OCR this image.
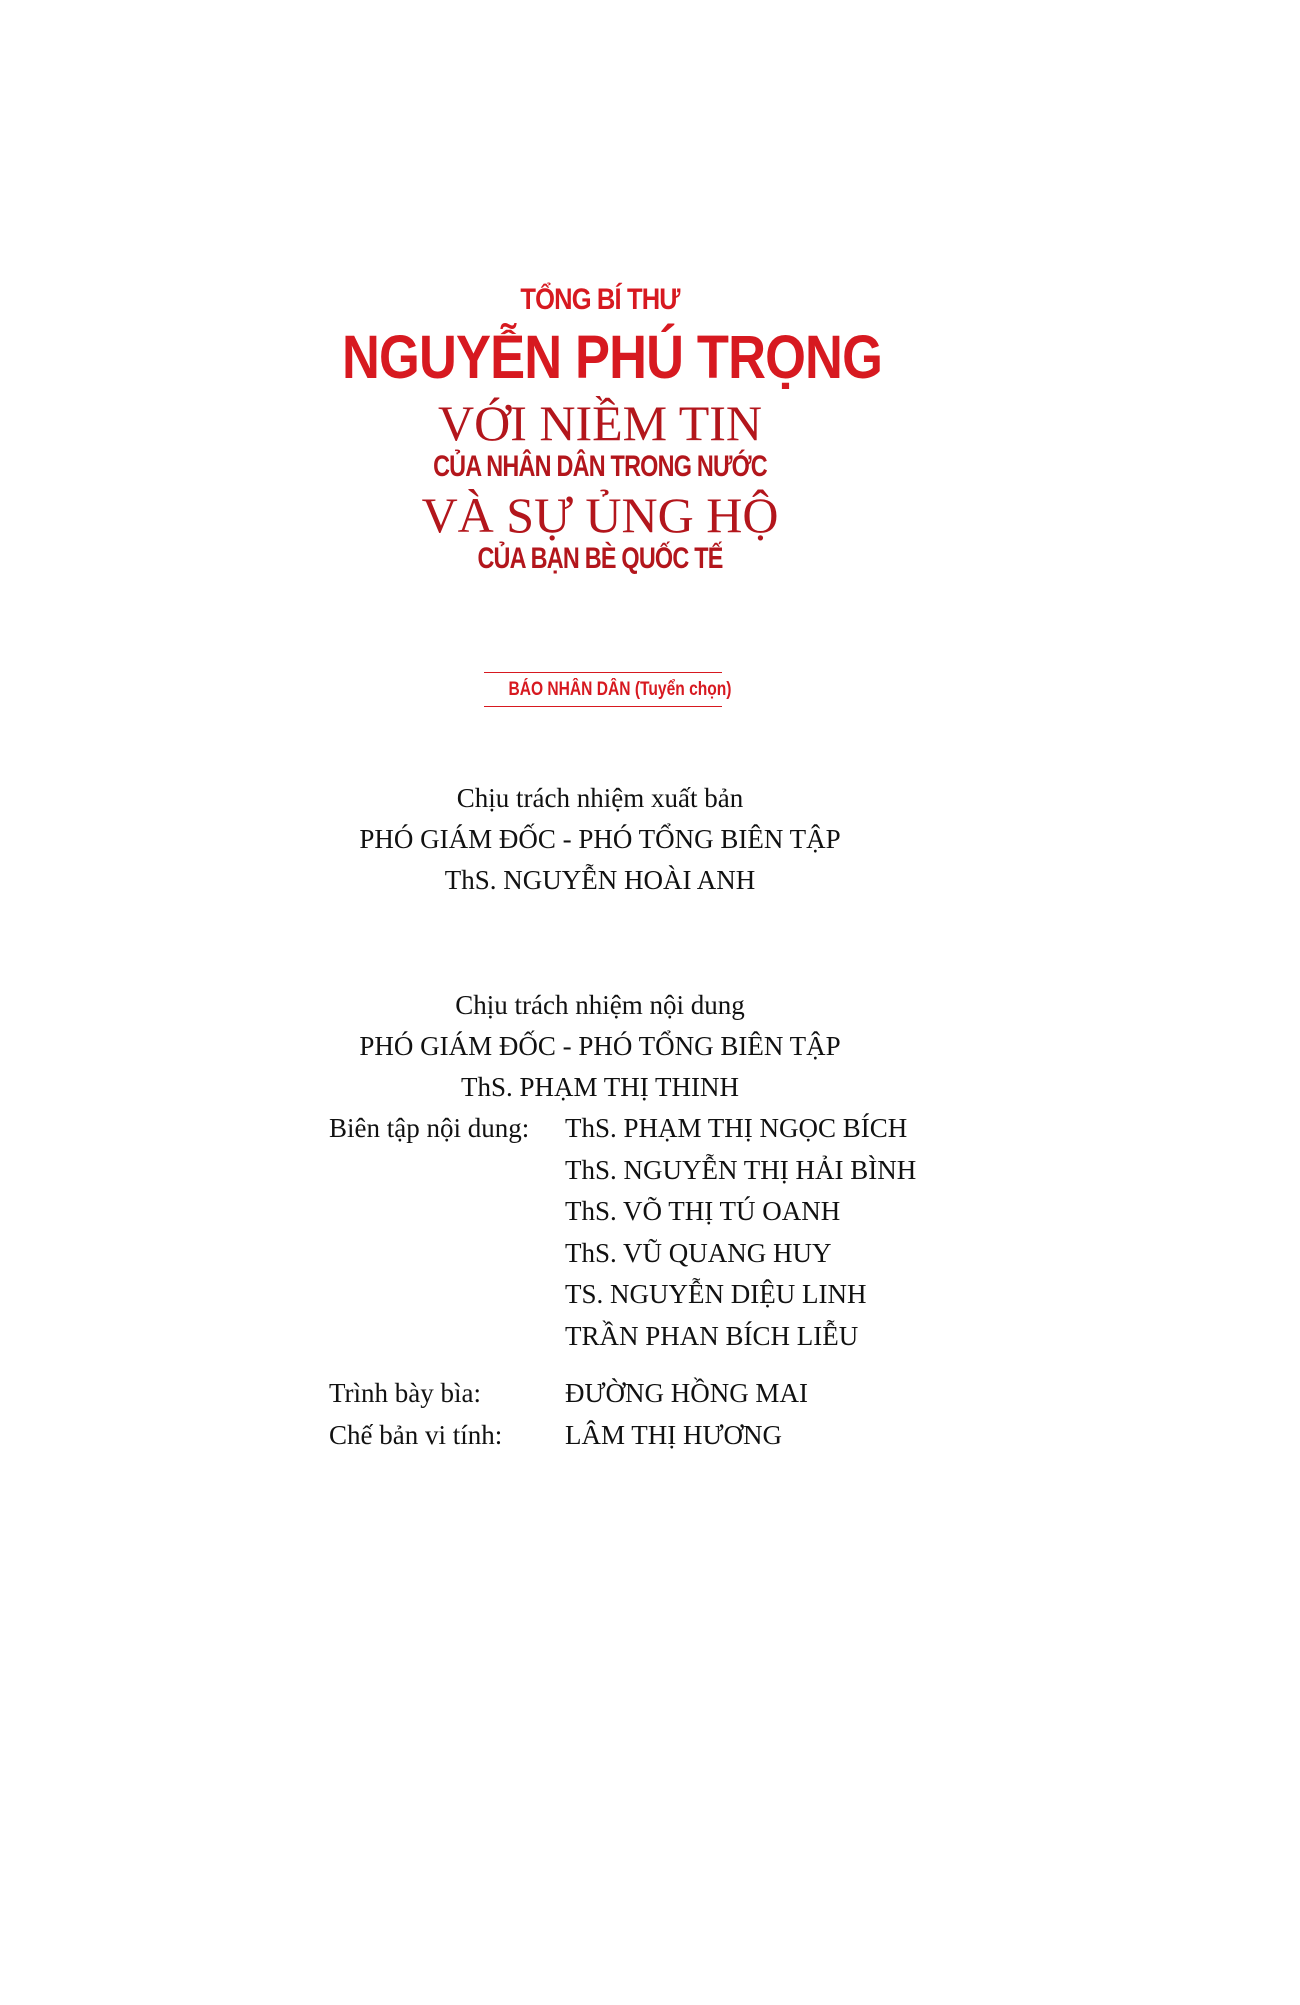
TỔNG BÍ THƯ
NGUYỄN PHÚ TRỌNG
VỚI NIỀM TIN
CỦA NHÂN DÂN TRONG NƯỚC
VÀ SỰ ỦNG HỘ
CỦA BẠN BÈ QUỐC TẾ
BÁO NHÂN DÂN (Tuyển chọn)
Chịu trách nhiệm xuất bản
PHÓ GIÁM ĐỐC - PHÓ TỔNG BIÊN TẬP
ThS. NGUYỄN HOÀI ANH
Chịu trách nhiệm nội dung
PHÓ GIÁM ĐỐC - PHÓ TỔNG BIÊN TẬP
ThS. PHẠM THỊ THINH
Biên tập nội dung: ThS. PHẠM THỊ NGỌC BÍCH
ThS. NGUYỄN THỊ HẢI BÌNH
ThS. VÕ THỊ TÚ OANH
ThS. VŨ QUANG HUY
TS. NGUYỄN DIỆU LINH
TRẦN PHAN BÍCH LIỄU
Trình bày bìa:	ĐƯỜNG HỒNG MAI
Chế bản vi tính: LÂM THỊ HƯƠNG
